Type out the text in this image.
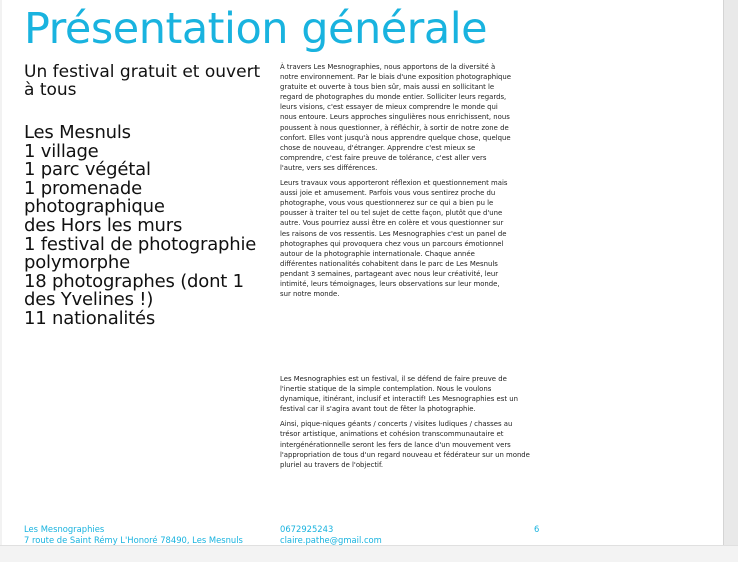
Présentation générale

Un festival gratuit et ouvert à tous

Les Mesnuls
1 village
1 parc végétal
1 promenade photographique
des Hors les murs
1 festival de photographie polymorphe
18 photographes (dont 1 des Yvelines !)
11 nationalités

À travers Les Mesnographies, nous apportons de la diversité à notre environnement. Par le biais d'une exposition photographique gratuite et ouverte à tous bien sûr, mais aussi en sollicitant le regard de photographes du monde entier. Solliciter leurs regards, leurs visions, c'est essayer de mieux comprendre le monde qui nous entoure. Leurs approches singulières nous enrichissent, nous poussent à nous questionner, à réfléchir, à sortir de notre zone de confort. Elles vont jusqu'à nous apprendre quelque chose, quelque chose de nouveau, d'étranger. Apprendre c'est mieux se comprendre, c'est faire preuve de tolérance, c'est aller vers l'autre, vers ses différences.

Leurs travaux vous apporteront réflexion et questionnement mais aussi joie et amusement. Parfois vous vous sentirez proche du photographe, vous vous questionnerez sur ce qui a bien pu le pousser à traiter tel ou tel sujet de cette façon, plutôt que d'une autre. Vous pourriez aussi être en colère et vous questionner sur les raisons de vos ressentis. Les Mesnographies c'est un panel de photographes qui provoquera chez vous un parcours émotionnel autour de la photographie internationale. Chaque année différentes nationalités cohabitent dans le parc de Les Mesnuls pendant 3 semaines, partageant avec nous leur créativité, leur intimité, leurs témoignages, leurs observations sur leur monde, sur notre monde.

Les Mesnographies est un festival, il se défend de faire preuve de l'inertie statique de la simple contemplation. Nous le voulons dynamique, itinérant, inclusif et interactif! Les Mesnographies est un festival car il s'agira avant tout de fêter la photographie.

Ainsi, pique-niques géants / concerts / visites ludiques / chasses au trésor artistique, animations et cohésion transcommunautaire et intergénérationnelle seront les fers de lance d'un mouvement vers l'appropriation de tous d'un regard nouveau et fédérateur sur un monde pluriel au travers de l'objectif.

Les Mesnographies
7 route de Saint Rémy L'Honoré 78490, Les Mesnuls
0672925243
claire.pathe@gmail.com
6
